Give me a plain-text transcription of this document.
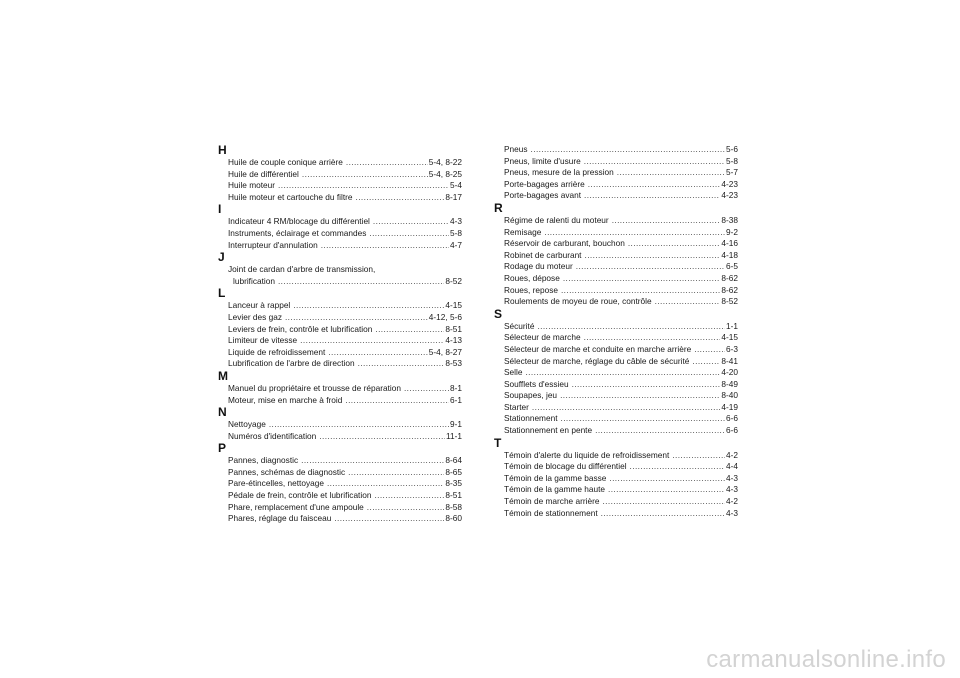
H
Huile de couple conique arrière .....	5-4, 8-22
Huile de différentiel .....	5-4, 8-25
Huile moteur .....	5-4
Huile moteur et cartouche du filtre .....	8-17
I
Indicateur 4 RM/blocage du différentiel .....	4-3
Instruments, éclairage et commandes .....	5-8
Interrupteur d'annulation .....	4-7
J
Joint de cardan d'arbre de transmission,
lubrification .....	8-52
L
Lanceur à rappel .....	4-15
Levier des gaz .....	4-12, 5-6
Leviers de frein, contrôle et lubrification .....	8-51
Limiteur de vitesse .....	4-13
Liquide de refroidissement .....	5-4, 8-27
Lubrification de l'arbre de direction .....	8-53
M
Manuel du propriétaire et trousse de réparation .....	8-1
Moteur, mise en marche à froid .....	6-1
N
Nettoyage .....	9-1
Numéros d'identification .....	11-1
P
Pannes, diagnostic .....	8-64
Pannes, schémas de diagnostic .....	8-65
Pare-étincelles, nettoyage .....	8-35
Pédale de frein, contrôle et lubrification .....	8-51
Phare, remplacement d'une ampoule .....	8-58
Phares, réglage du faisceau .....	8-60
Pneus .....	5-6
Pneus, limite d'usure .....	5-8
Pneus, mesure de la pression .....	5-7
Porte-bagages arrière .....	4-23
Porte-bagages avant .....	4-23
R
Régime de ralenti du moteur .....	8-38
Remisage .....	9-2
Réservoir de carburant, bouchon .....	4-16
Robinet de carburant .....	4-18
Rodage du moteur .....	6-5
Roues, dépose .....	8-62
Roues, repose .....	8-62
Roulements de moyeu de roue, contrôle .....	8-52
S
Sécurité .....	1-1
Sélecteur de marche .....	4-15
Sélecteur de marche et conduite en marche arrière .....	6-3
Sélecteur de marche, réglage du câble de sécurité .....	8-41
Selle .....	4-20
Soufflets d'essieu .....	8-49
Soupapes, jeu .....	8-40
Starter .....	4-19
Stationnement .....	6-6
Stationnement en pente .....	6-6
T
Témoin d'alerte du liquide de refroidissement .....	4-2
Témoin de blocage du différentiel .....	4-4
Témoin de la gamme basse .....	4-3
Témoin de la gamme haute .....	4-3
Témoin de marche arrière .....	4-2
Témoin de stationnement .....	4-3
carmanualsonline.info
